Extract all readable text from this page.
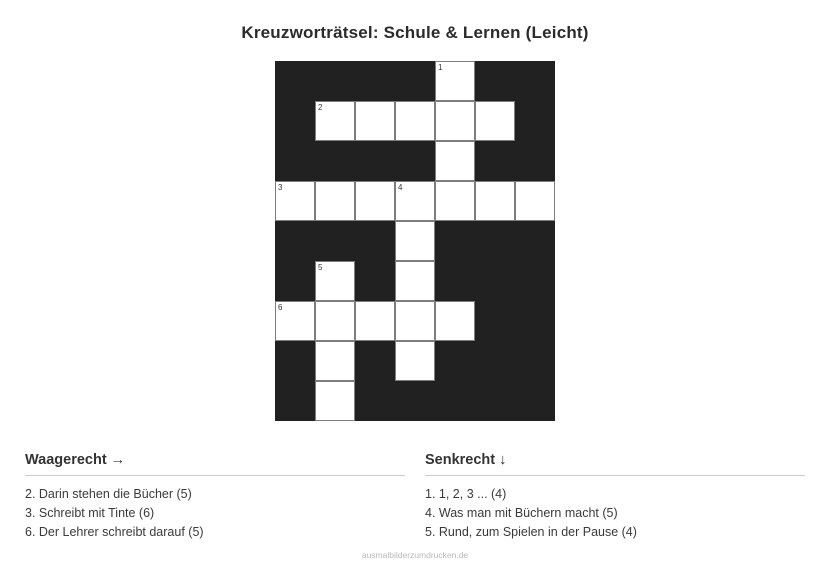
Kreuzworträtsel: Schule & Lernen (Leicht)
1
2
3	4
5
6
Waagerecht →
2. Darin stehen die Bücher (5)
3. Schreibt mit Tinte (6)
6. Der Lehrer schreibt darauf (5)
Senkrecht ↓
1. 1, 2, 3 ... (4)
4. Was man mit Büchern macht (5)
5. Rund, zum Spielen in der Pause (4)
ausmalbilderzumdrucken.de
